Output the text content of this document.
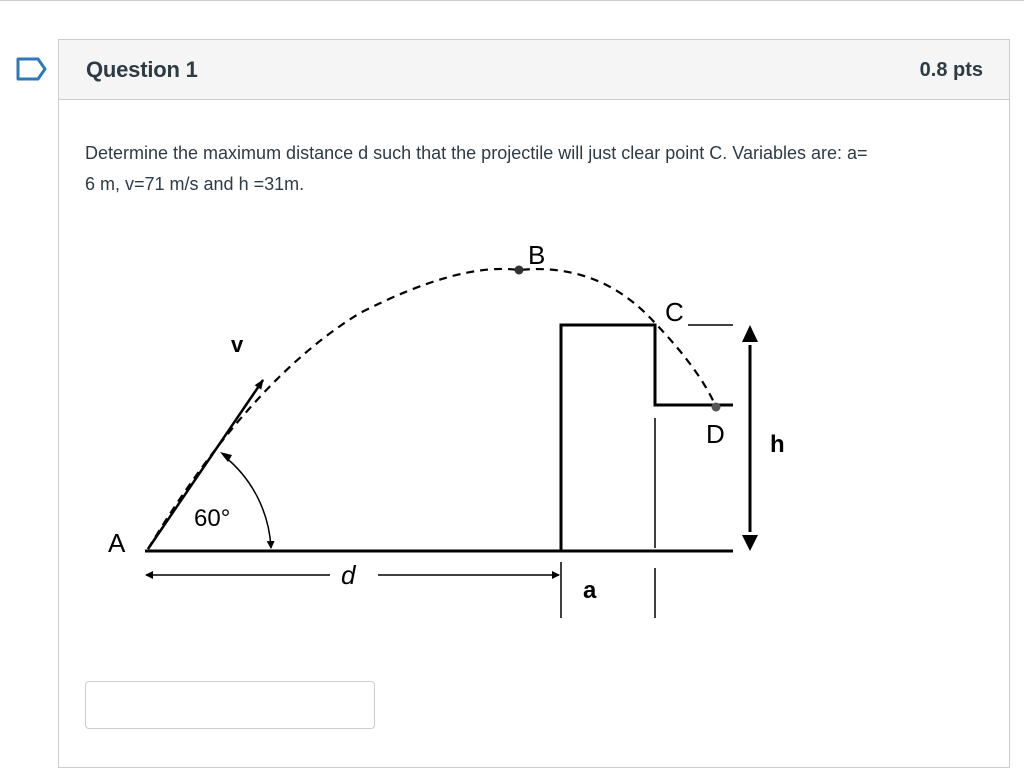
Question 1	0.8 pts
Determine the maximum distance d such that the projectile will just clear point C. Variables are: a=
6 m, v=71 m/s and h =31m.
A
B
C
D
v
h
d
a
60°
